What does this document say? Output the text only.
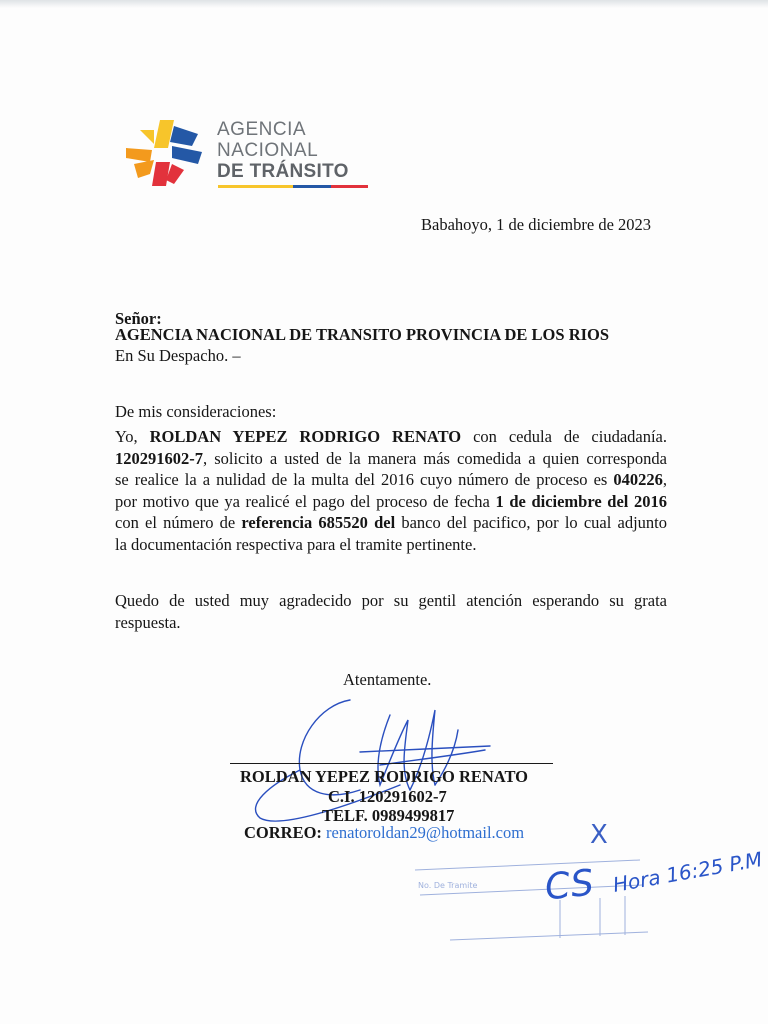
AGENCIA
NACIONAL
DE TRÁNSITO
Babahoyo, 1 de diciembre de 2023
Señor:
AGENCIA NACIONAL DE TRANSITO PROVINCIA DE LOS RIOS
En Su Despacho. –
De mis consideraciones:
Yo, ROLDAN YEPEZ RODRIGO RENATO con cedula de ciudadanía.
120291602-7, solicito a usted de la manera más comedida a quien corresponda
se realice la a nulidad de la multa del 2016 cuyo número de proceso es 040226,
por motivo que ya realicé el pago del proceso de fecha 1 de diciembre del 2016
con el número de referencia 685520 del banco del pacifico, por lo cual adjunto
la documentación respectiva para el tramite pertinente.
Quedo de usted muy agradecido por su gentil atención esperando su grata
respuesta.
Atentamente.
ROLDAN YEPEZ RODRIGO RENATO
C.I. 120291602-7
TELF. 0989499817
CORREO: renatoroldan29@hotmail.com
No. De Tramite
X
CS Hora 16:25 P.M
